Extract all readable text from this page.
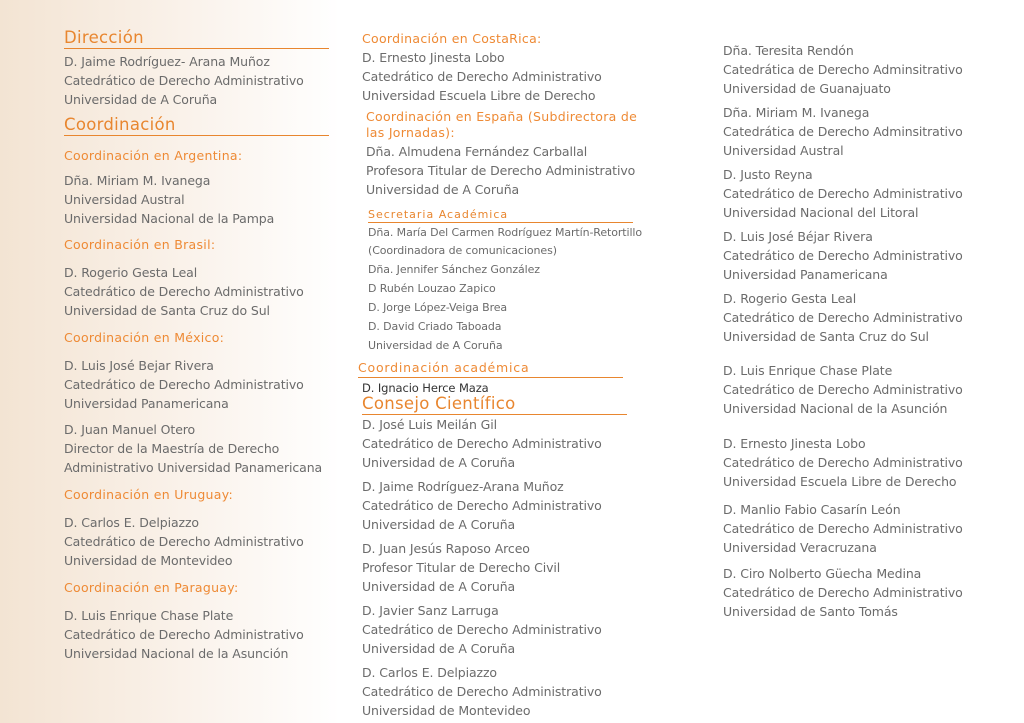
Dirección
D. Jaime Rodríguez- Arana Muñoz
Catedrático de Derecho Administrativo
Universidad de A Coruña
Coordinación
Coordinación en Argentina:
Dña. Miriam M. Ivanega
Universidad Austral
Universidad Nacional de la Pampa
Coordinación en Brasil:
D. Rogerio Gesta Leal
Catedrático de Derecho Administrativo
Universidad de Santa Cruz do Sul
Coordinación en México:
D. Luis José Bejar Rivera
Catedrático de Derecho Administrativo
Universidad Panamericana
D. Juan Manuel Otero
Director de la Maestría de Derecho
Administrativo Universidad Panamericana
Coordinación en Uruguay:
D. Carlos E. Delpiazzo
Catedrático de Derecho Administrativo
Universidad de Montevideo
Coordinación en Paraguay:
D. Luis Enrique Chase Plate
Catedrático de Derecho Administrativo
Universidad Nacional de la Asunción
Coordinación en CostaRica:
D. Ernesto Jinesta Lobo
Catedrático de Derecho Administrativo
Universidad Escuela Libre de Derecho
Coordinación en España (Subdirectora de las Jornadas):
Dña. Almudena Fernández Carballal
Profesora Titular de Derecho Administrativo
Universidad de A Coruña
Secretaria Académica
Dña. María Del Carmen Rodríguez Martín-Retortillo
(Coordinadora de comunicaciones)
Dña. Jennifer Sánchez González
D Rubén Louzao Zapico
D. Jorge López-Veiga Brea
D. David Criado Taboada
Universidad de A Coruña
Coordinación académica
D. Ignacio Herce Maza
Consejo Científico
D. José Luis Meilán Gil
Catedrático de Derecho Administrativo
Universidad de A Coruña
D. Jaime Rodríguez-Arana Muñoz
Catedrático de Derecho Administrativo
Universidad de A Coruña
D. Juan Jesús Raposo Arceo
Profesor Titular de Derecho Civil
Universidad de A Coruña
D. Javier Sanz Larruga
Catedrático de Derecho Administrativo
Universidad de A Coruña
D. Carlos E. Delpiazzo
Catedrático de Derecho Administrativo
Universidad de Montevideo
Dña. Teresita Rendón
Catedrática de Derecho Adminsitrativo
Universidad de Guanajuato
Dña. Miriam M. Ivanega
Catedrática de Derecho Adminsitrativo
Universidad Austral
D. Justo Reyna
Catedrático de Derecho Administrativo
Universidad Nacional del Litoral
D. Luis José Béjar Rivera
Catedrático de Derecho Administrativo
Universidad Panamericana
D. Rogerio Gesta Leal
Catedrático de Derecho Administrativo
Universidad de Santa Cruz do Sul
D. Luis Enrique Chase Plate
Catedrático de Derecho Administrativo
Universidad Nacional de la Asunción
D. Ernesto Jinesta Lobo
Catedrático de Derecho Administrativo
Universidad Escuela Libre de Derecho
D. Manlio Fabio Casarín León
Catedrático de Derecho Administrativo
Universidad Veracruzana
D. Ciro Nolberto Güecha Medina
Catedrático de Derecho Administrativo
Universidad de Santo Tomás
